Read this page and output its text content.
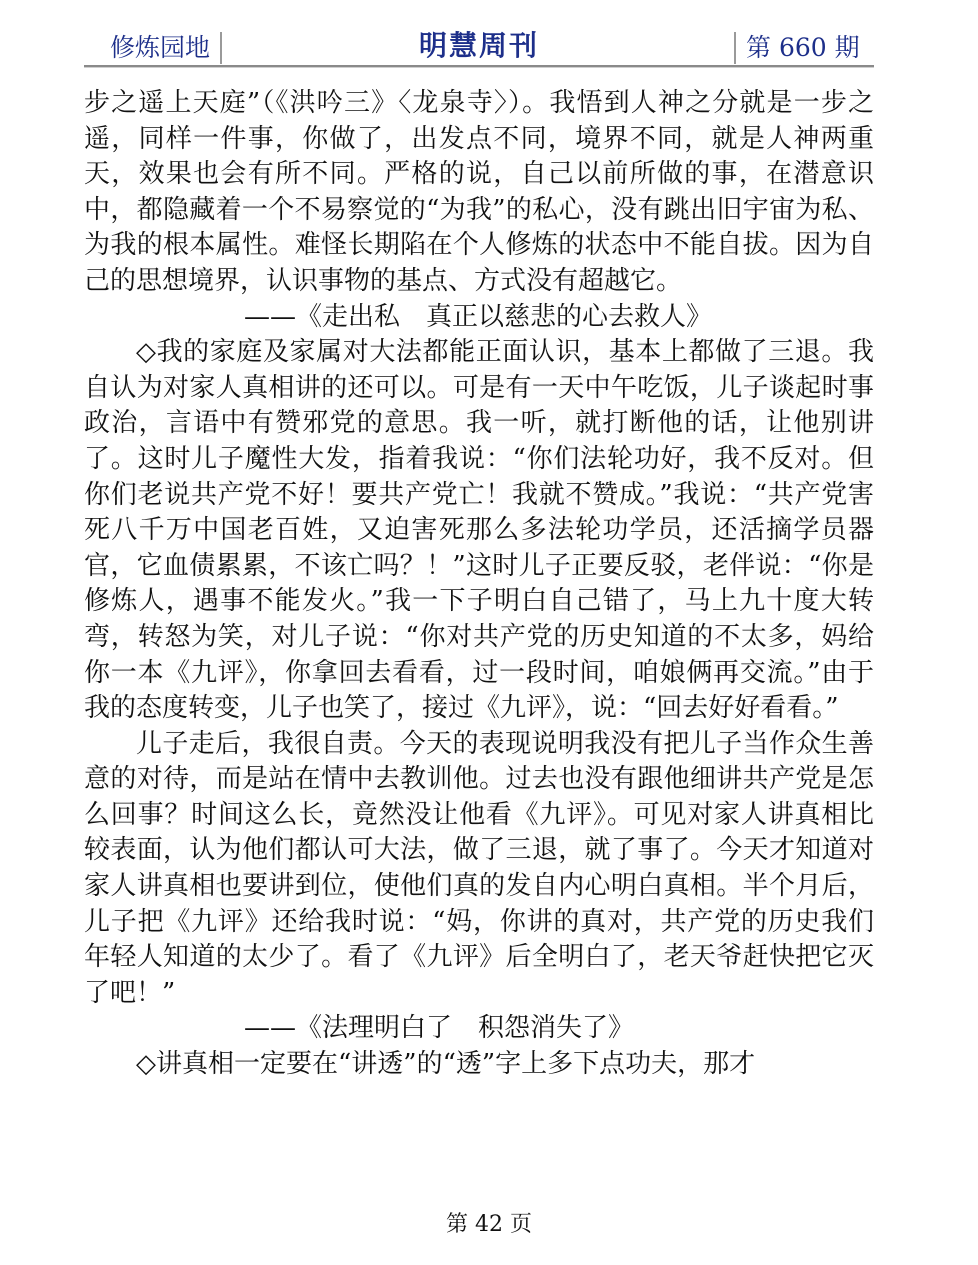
修炼园地	明慧周刊	第 660 期

步之遥上天庭”（《洪吟三》〈龙泉寺〉）。我悟到人神之分就是一步之遥，同样一件事，你做了，出发点不同，境界不同，就是人神两重天，效果也会有所不同。严格的说，自己以前所做的事，在潜意识中，都隐藏着一个不易察觉的“为我”的私心，没有跳出旧宇宙为私、为我的根本属性。难怪长期陷在个人修炼的状态中不能自拔。因为自己的思想境界，认识事物的基点、方式没有超越它。

——《走出私　真正以慈悲的心去救人》

◇我的家庭及家属对大法都能正面认识，基本上都做了三退。我自认为对家人真相讲的还可以。可是有一天中午吃饭，儿子谈起时事政治，言语中有赞邪党的意思。我一听，就打断他的话，让他别讲了。这时儿子魔性大发，指着我说：“你们法轮功好，我不反对。但你们老说共产党不好！要共产党亡！我就不赞成。”我说：“共产党害死八千万中国老百姓，又迫害死那么多法轮功学员，还活摘学员器官，它血债累累，不该亡吗？！”这时儿子正要反驳，老伴说：“你是修炼人，遇事不能发火。”我一下子明白自己错了，马上九十度大转弯，转怒为笑，对儿子说：“你对共产党的历史知道的不太多，妈给你一本《九评》，你拿回去看看，过一段时间，咱娘俩再交流。”由于我的态度转变，儿子也笑了，接过《九评》，说：“回去好好看看。”

儿子走后，我很自责。今天的表现说明我没有把儿子当作众生善意的对待，而是站在情中去教训他。过去也没有跟他细讲共产党是怎么回事？时间这么长，竟然没让他看《九评》。可见对家人讲真相比较表面，认为他们都认可大法，做了三退，就了事了。今天才知道对家人讲真相也要讲到位，使他们真的发自内心明白真相。半个月后，儿子把《九评》还给我时说：“妈，你讲的真对，共产党的历史我们年轻人知道的太少了。看了《九评》后全明白了，老天爷赶快把它灭了吧！”

——《法理明白了　积怨消失了》

◇讲真相一定要在“讲透”的“透”字上多下点功夫，那才

第 42 页
